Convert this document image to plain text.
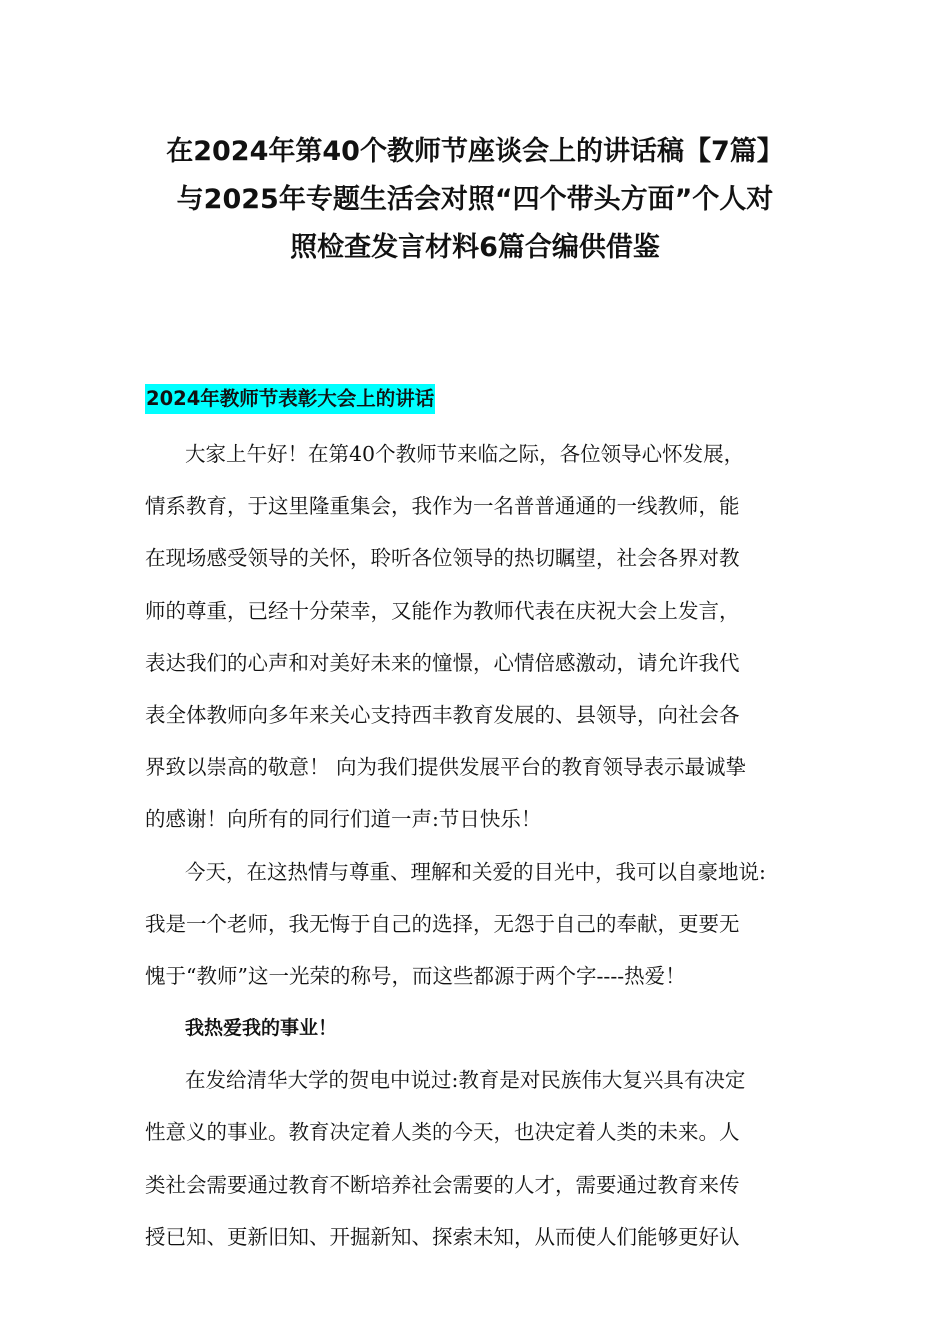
在2024年第40个教师节座谈会上的讲话稿【7篇】
与2025年专题生活会对照“四个带头方面”个人对
照检查发言材料6篇合编供借鉴
2024年教师节表彰大会上的讲话
大家上午好！在第40个教师节来临之际，各位领导心怀发展，
情系教育，于这里隆重集会，我作为一名普普通通的一线教师，能
在现场感受领导的关怀，聆听各位领导的热切瞩望，社会各界对教
师的尊重，已经十分荣幸，又能作为教师代表在庆祝大会上发言，
表达我们的心声和对美好未来的憧憬，心情倍感激动，请允许我代
表全体教师向多年来关心支持西丰教育发展的、县领导，向社会各
界致以崇高的敬意！ 向为我们提供发展平台的教育领导表示最诚挚
的感谢！向所有的同行们道一声:节日快乐！
今天，在这热情与尊重、理解和关爱的目光中，我可以自豪地说:
我是一个老师，我无悔于自己的选择，无怨于自己的奉献，更要无
愧于“教师”这一光荣的称号，而这些都源于两个字----热爱！
我热爱我的事业！
在发给清华大学的贺电中说过:教育是对民族伟大复兴具有决定
性意义的事业。教育决定着人类的今天，也决定着人类的未来。人
类社会需要通过教育不断培养社会需要的人才，需要通过教育来传
授已知、更新旧知、开掘新知、探索未知，从而使人们能够更好认
